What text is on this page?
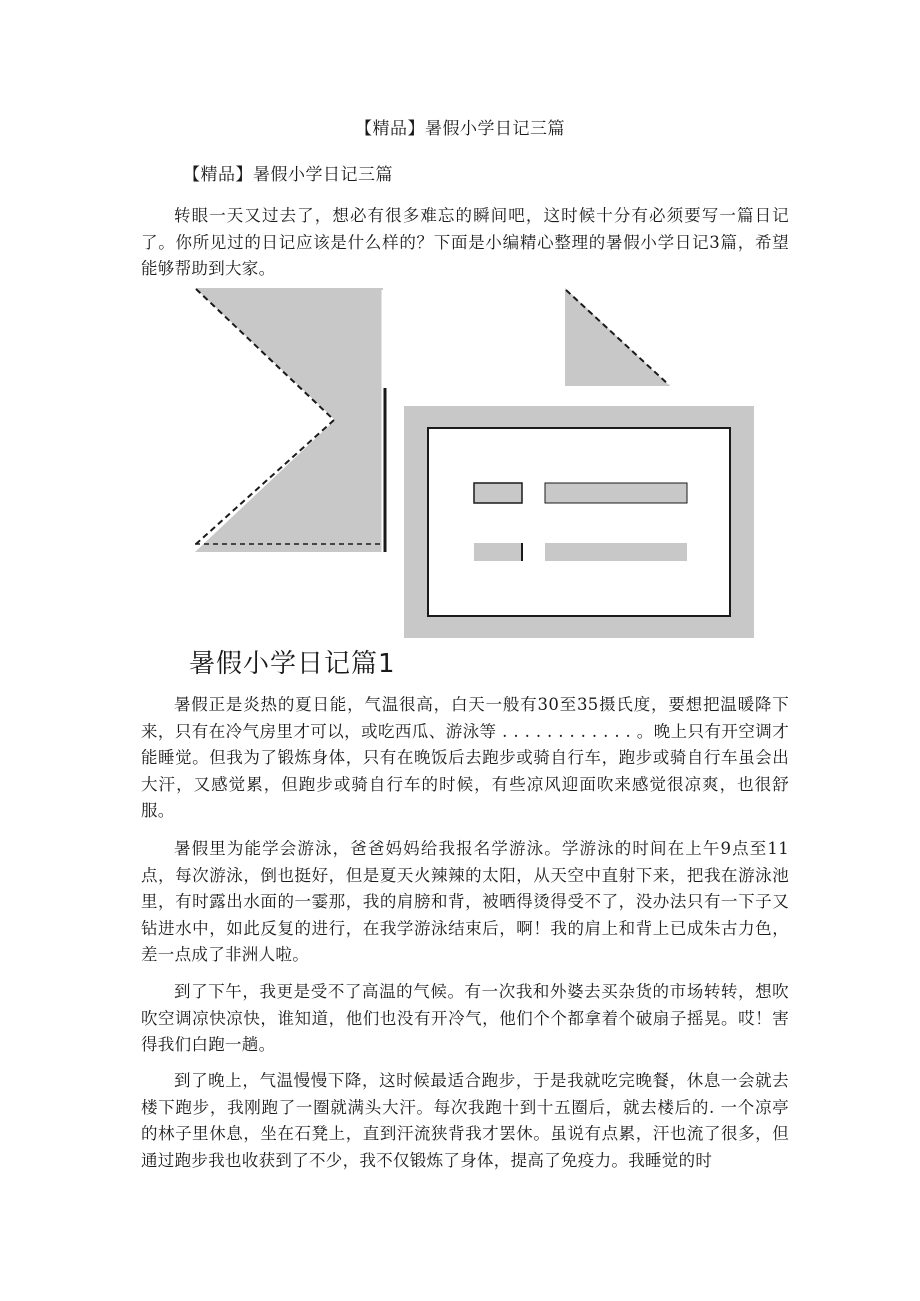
【精品】暑假小学日记三篇
【精品】暑假小学日记三篇

转眼一天又过去了，想必有很多难忘的瞬间吧，这时候十分有必须要写一篇日记了。你所见过的日记应该是什么样的？下面是小编精心整理的暑假小学日记3篇，希望能够帮助到大家。

暑假小学日记篇1

暑假正是炎热的夏日能，气温很高，白天一般有30至35摄氏度，要想把温暖降下来，只有在冷气房里才可以，或吃西瓜、游泳等 . . . . . . . . . . . . 。晚上只有开空调才能睡觉。但我为了锻炼身体，只有在晚饭后去跑步或骑自行车，跑步或骑自行车虽会出大汗，又感觉累，但跑步或骑自行车的时候，有些凉风迎面吹来感觉很凉爽，也很舒服。

暑假里为能学会游泳，爸爸妈妈给我报名学游泳。学游泳的时间在上午9点至11点，每次游泳，倒也挺好，但是夏天火辣辣的太阳，从天空中直射下来，把我在游泳池里，有时露出水面的一霎那，我的肩膀和背，被晒得烫得受不了，没办法只有一下子又钻进水中，如此反复的进行，在我学游泳结束后，啊！我的肩上和背上已成朱古力色，差一点成了非洲人啦。

到了下午，我更是受不了高温的气候。有一次我和外婆去买杂货的市场转转，想吹吹空调凉快凉快，谁知道，他们也没有开冷气，他们个个都拿着个破扇子摇晃。哎！害得我们白跑一趟。

到了晚上，气温慢慢下降，这时候最适合跑步，于是我就吃完晚餐，休息一会就去楼下跑步，我刚跑了一圈就满头大汗。每次我跑十到十五圈后，就去楼后的. 一个凉亭的林子里休息，坐在石凳上，直到汗流狭背我才罢休。虽说有点累，汗也流了很多，但通过跑步我也收获到了不少，我不仅锻炼了身体，提高了免疫力。我睡觉的时
